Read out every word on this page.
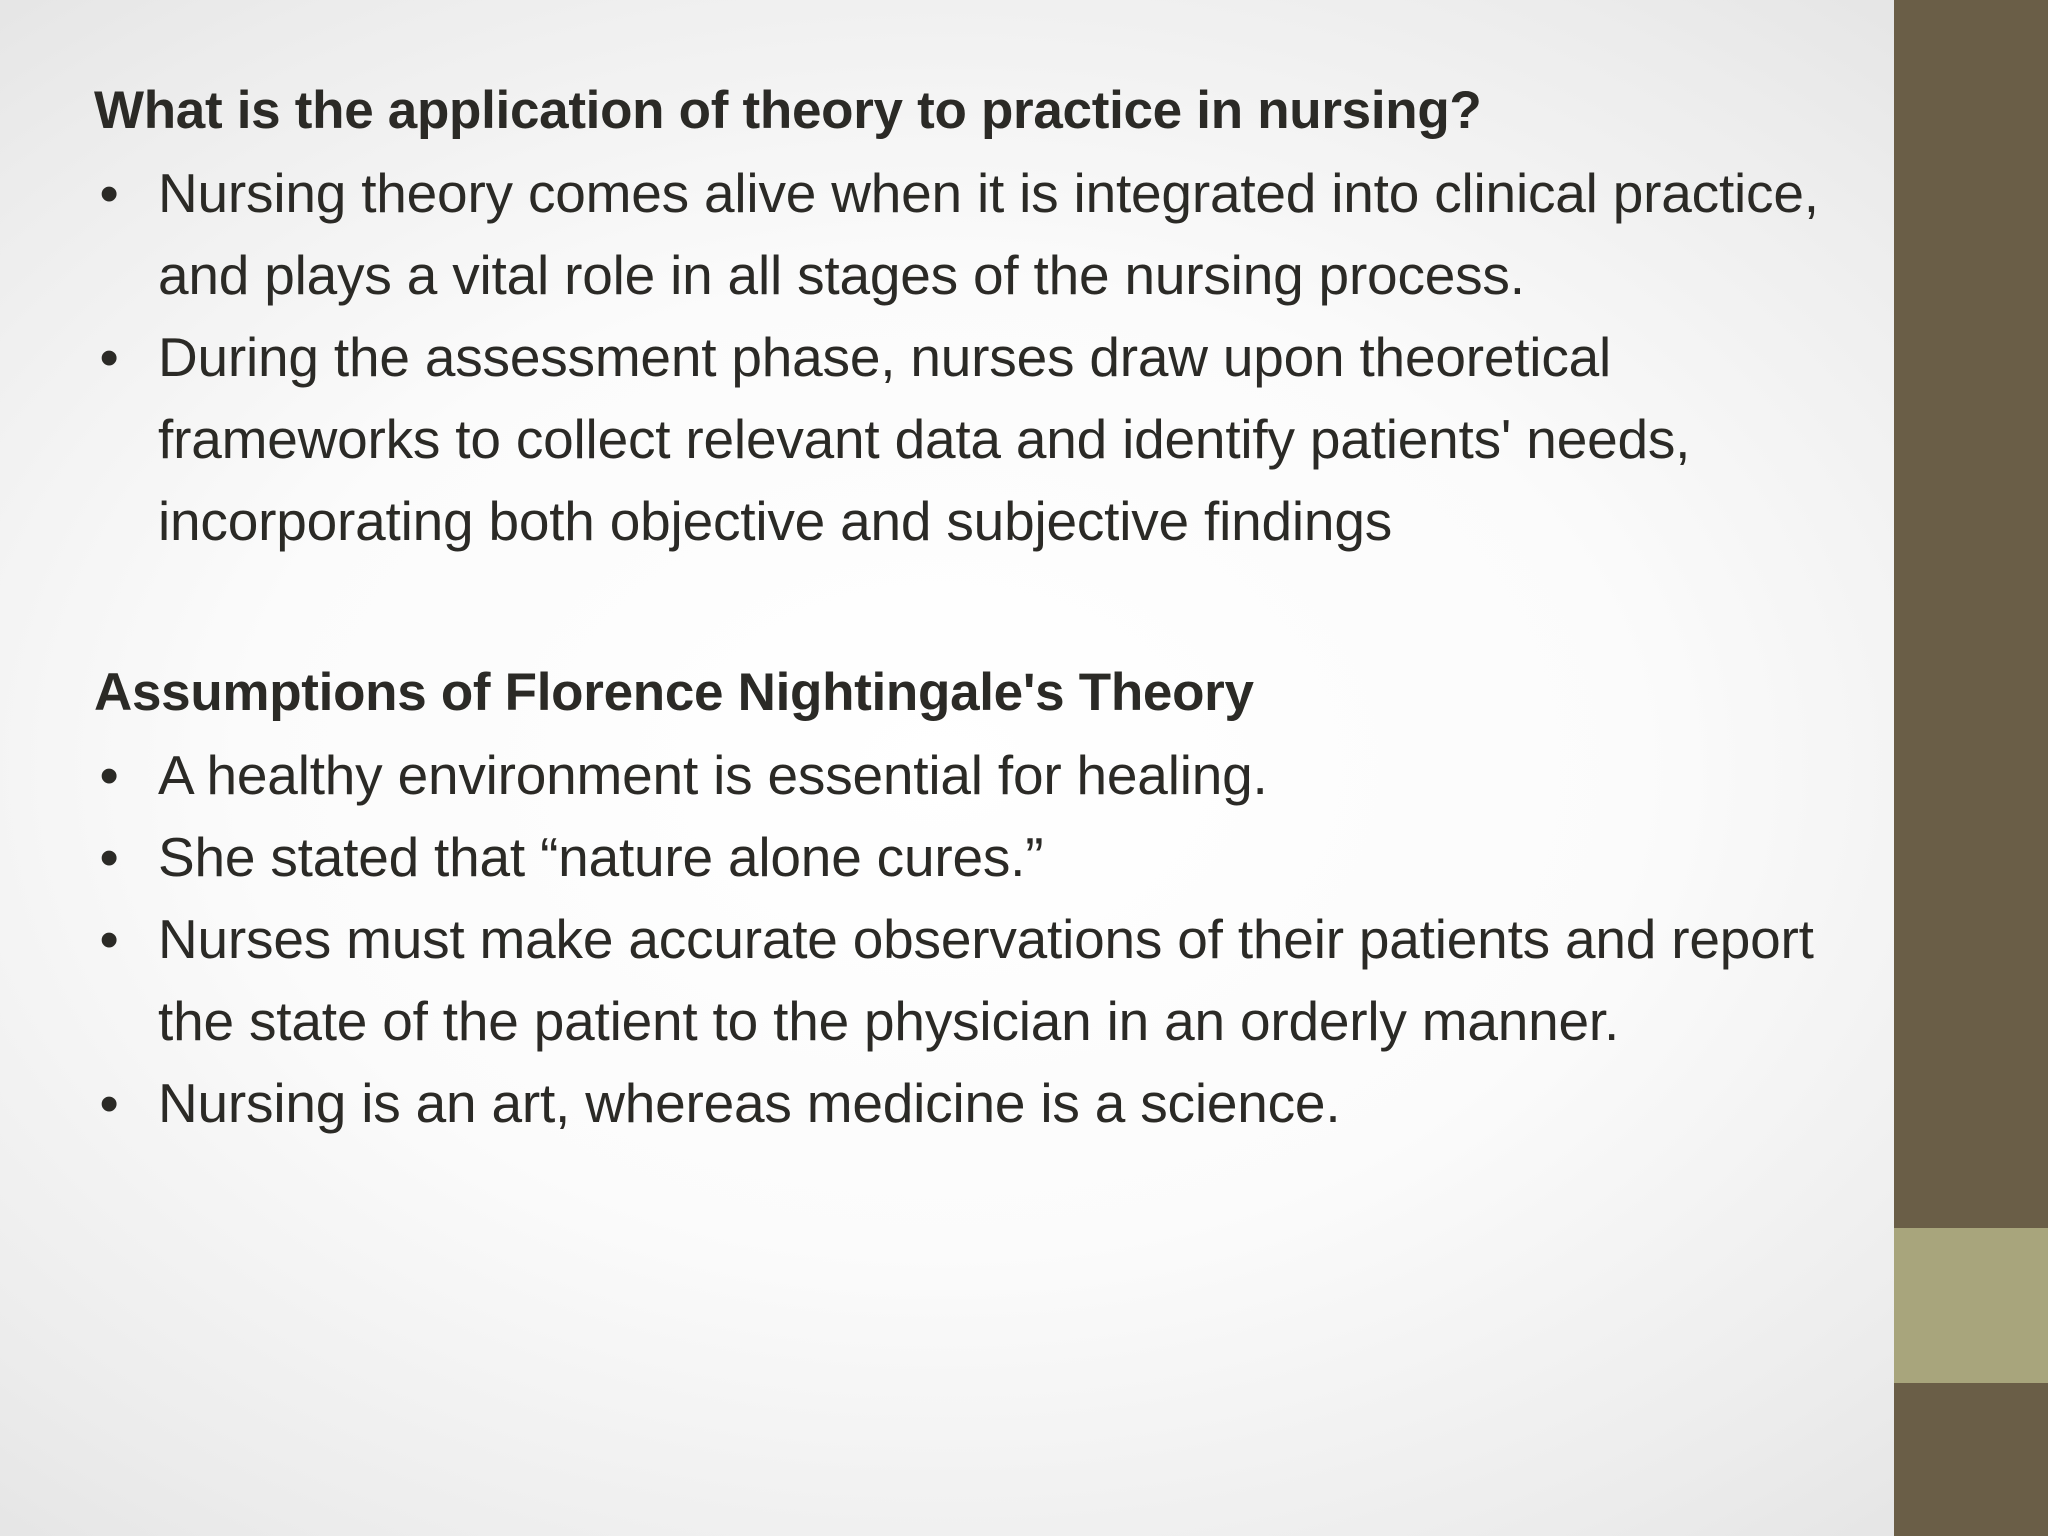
What is the application of theory to practice in nursing?
• Nursing theory comes alive when it is integrated into clinical practice, and plays a vital role in all stages of the nursing process.
• During the assessment phase, nurses draw upon theoretical frameworks to collect relevant data and identify patients' needs, incorporating both objective and subjective findings
Assumptions of Florence Nightingale's Theory
• A healthy environment is essential for healing.
• She stated that “nature alone cures.”
• Nurses must make accurate observations of their patients and report the state of the patient to the physician in an orderly manner.
• Nursing is an art, whereas medicine is a science.
